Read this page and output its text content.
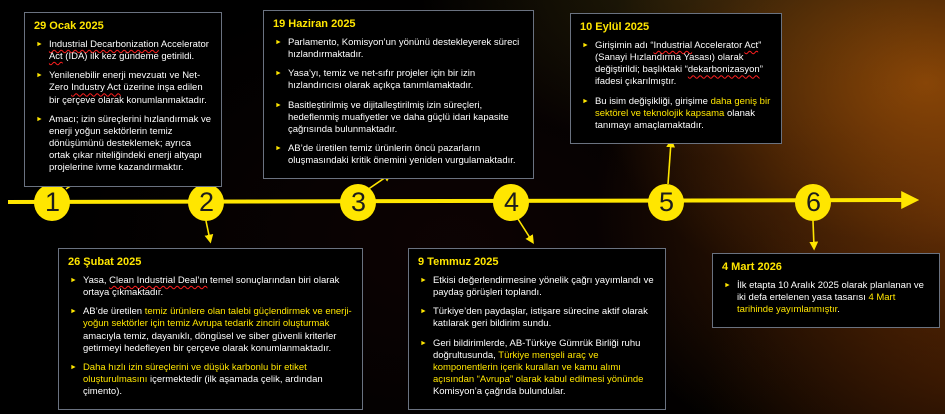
1	2	3	4	5	6
29 Ocak 2025
► Industrial Decarbonization Accelerator Act (IDA) ilk kez gündeme getirildi.
► Yenilenebilir enerji mevzuatı ve Net-Zero Industry Act üzerine inşa edilen bir çerçeve olarak konumlanmaktadır.
► Amacı; izin süreçlerini hızlandırmak ve enerji yoğun sektörlerin temiz dönüşümünü desteklemek; ayrıca ortak çıkar niteliğindeki enerji altyapı projelerine ivme kazandırmaktır.
26 Şubat 2025
► Yasa, Clean Industrial Deal’ın temel sonuçlarından biri olarak ortaya çıkmaktadır.
► AB’de üretilen temiz ürünlere olan talebi güçlendirmek ve enerji-yoğun sektörler için temiz Avrupa tedarik zinciri oluşturmak amacıyla temiz, dayanıklı, döngüsel ve siber güvenli kriterler getirmeyi hedefleyen bir çerçeve olarak konumlanmaktadır.
► Daha hızlı izin süreçlerini ve düşük karbonlu bir etiket oluşturulmasını içermektedir (ilk aşamada çelik, ardından çimento).
19 Haziran 2025
► Parlamento, Komisyon’un yönünü destekleyerek süreci hızlandırmaktadır.
► Yasa’yı, temiz ve net-sıfır projeler için bir izin hızlandırıcısı olarak açıkça tanımlamaktadır.
► Basitleştirilmiş ve dijitalleştirilmiş izin süreçleri, hedeflenmiş muafiyetler ve daha güçlü idari kapasite çağrısında bulunmaktadır.
► AB’de üretilen temiz ürünlerin öncü pazarların oluşmasındaki kritik önemini yeniden vurgulamaktadır.
9 Temmuz 2025
► Etkisi değerlendirmesine yönelik çağrı yayımlandı ve paydaş görüşleri toplandı.
► Türkiye’den paydaşlar, istişare sürecine aktif olarak katılarak geri bildirim sundu.
► Geri bildirimlerde, AB-Türkiye Gümrük Birliği ruhu doğrultusunda, Türkiye menşeli araç ve komponentlerin içerik kuralları ve kamu alımı açısından “Avrupa” olarak kabul edilmesi yönünde Komisyon’a çağrıda bulundular.
10 Eylül 2025
► Girişimin adı “Industrial Accelerator Act” (Sanayi Hızlandırma Yasası) olarak değiştirildi; başlıktaki “dekarbonizasyon” ifadesi çıkarılmıştır.
► Bu isim değişikliği, girişime daha geniş bir sektörel ve teknolojik kapsama olanak tanımayı amaçlamaktadır.
4 Mart 2026
► İlk etapta 10 Aralık 2025 olarak planlanan ve iki defa ertelenen yasa tasarısı 4 Mart tarihinde yayımlanmıştır.
